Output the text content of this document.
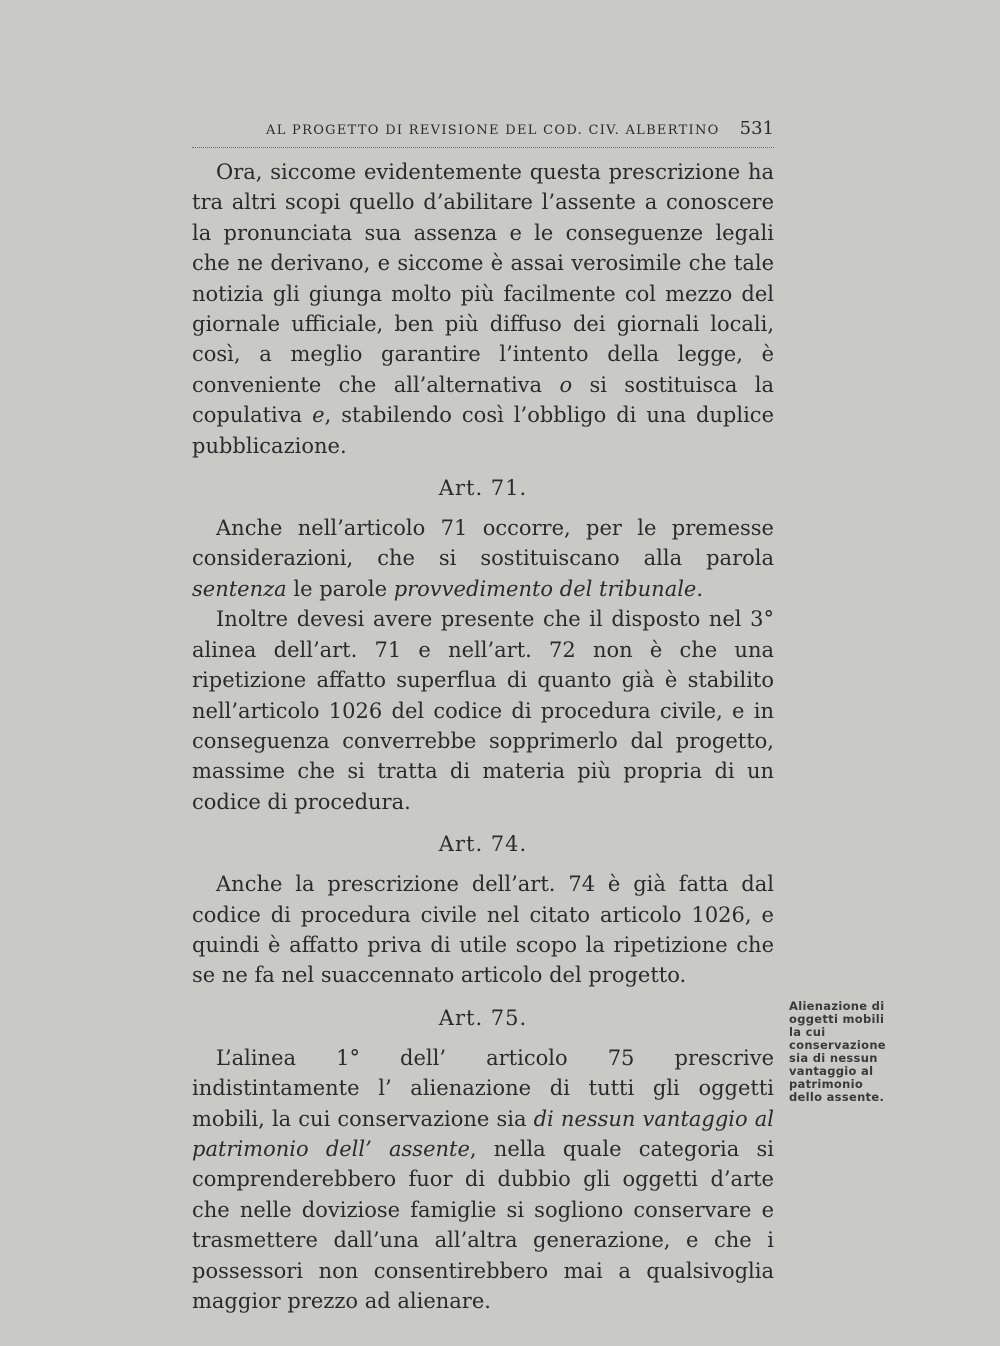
AL PROGETTO DI REVISIONE DEL COD. CIV. ALBERTINO 531

Ora, siccome evidentemente questa prescrizione ha tra altri scopi quello d’abilitare l’assente a conoscere la pronunciata sua assenza e le conseguenze legali che ne derivano, e siccome è assai verosimile che tale notizia gli giunga molto più facilmente col mezzo del giornale ufficiale, ben più diffuso dei giornali locali, così, a meglio garantire l’intento della legge, è conveniente che all’alternativa o si sostituisca la copulativa e, stabilendo così l’obbligo di una duplice pubblicazione.

Art. 71.

Anche nell’articolo 71 occorre, per le premesse considerazioni, che si sostituiscano alla parola sentenza le parole provvedimento del tribunale.

Inoltre devesi avere presente che il disposto nel 3° alinea dell’art. 71 e nell’art. 72 non è che una ripetizione affatto superflua di quanto già è stabilito nell’articolo 1026 del codice di procedura civile, e in conseguenza converrebbe sopprimerlo dal progetto, massime che si tratta di materia più propria di un codice di procedura.

Art. 74.

Anche la prescrizione dell’art. 74 è già fatta dal codice di procedura civile nel citato articolo 1026, e quindi è affatto priva di utile scopo la ripetizione che se ne fa nel suaccennato articolo del progetto.

Art. 75.

L’alinea 1° dell’ articolo 75 prescrive indistintamente l’ alienazione di tutti gli oggetti mobili, la cui conservazione sia di nessun vantaggio al patrimonio dell’ assente, nella quale categoria si comprenderebbero fuor di dubbio gli oggetti d’arte che nelle doviziose famiglie si sogliono conservare e trasmettere dall’una all’altra generazione, e che i possessori non consentirebbero mai a qualsivoglia maggior prezzo ad alienare.

Alienazione di oggetti mobili la cui conservazione sia di nessun vantaggio al patrimonio dello assente.
